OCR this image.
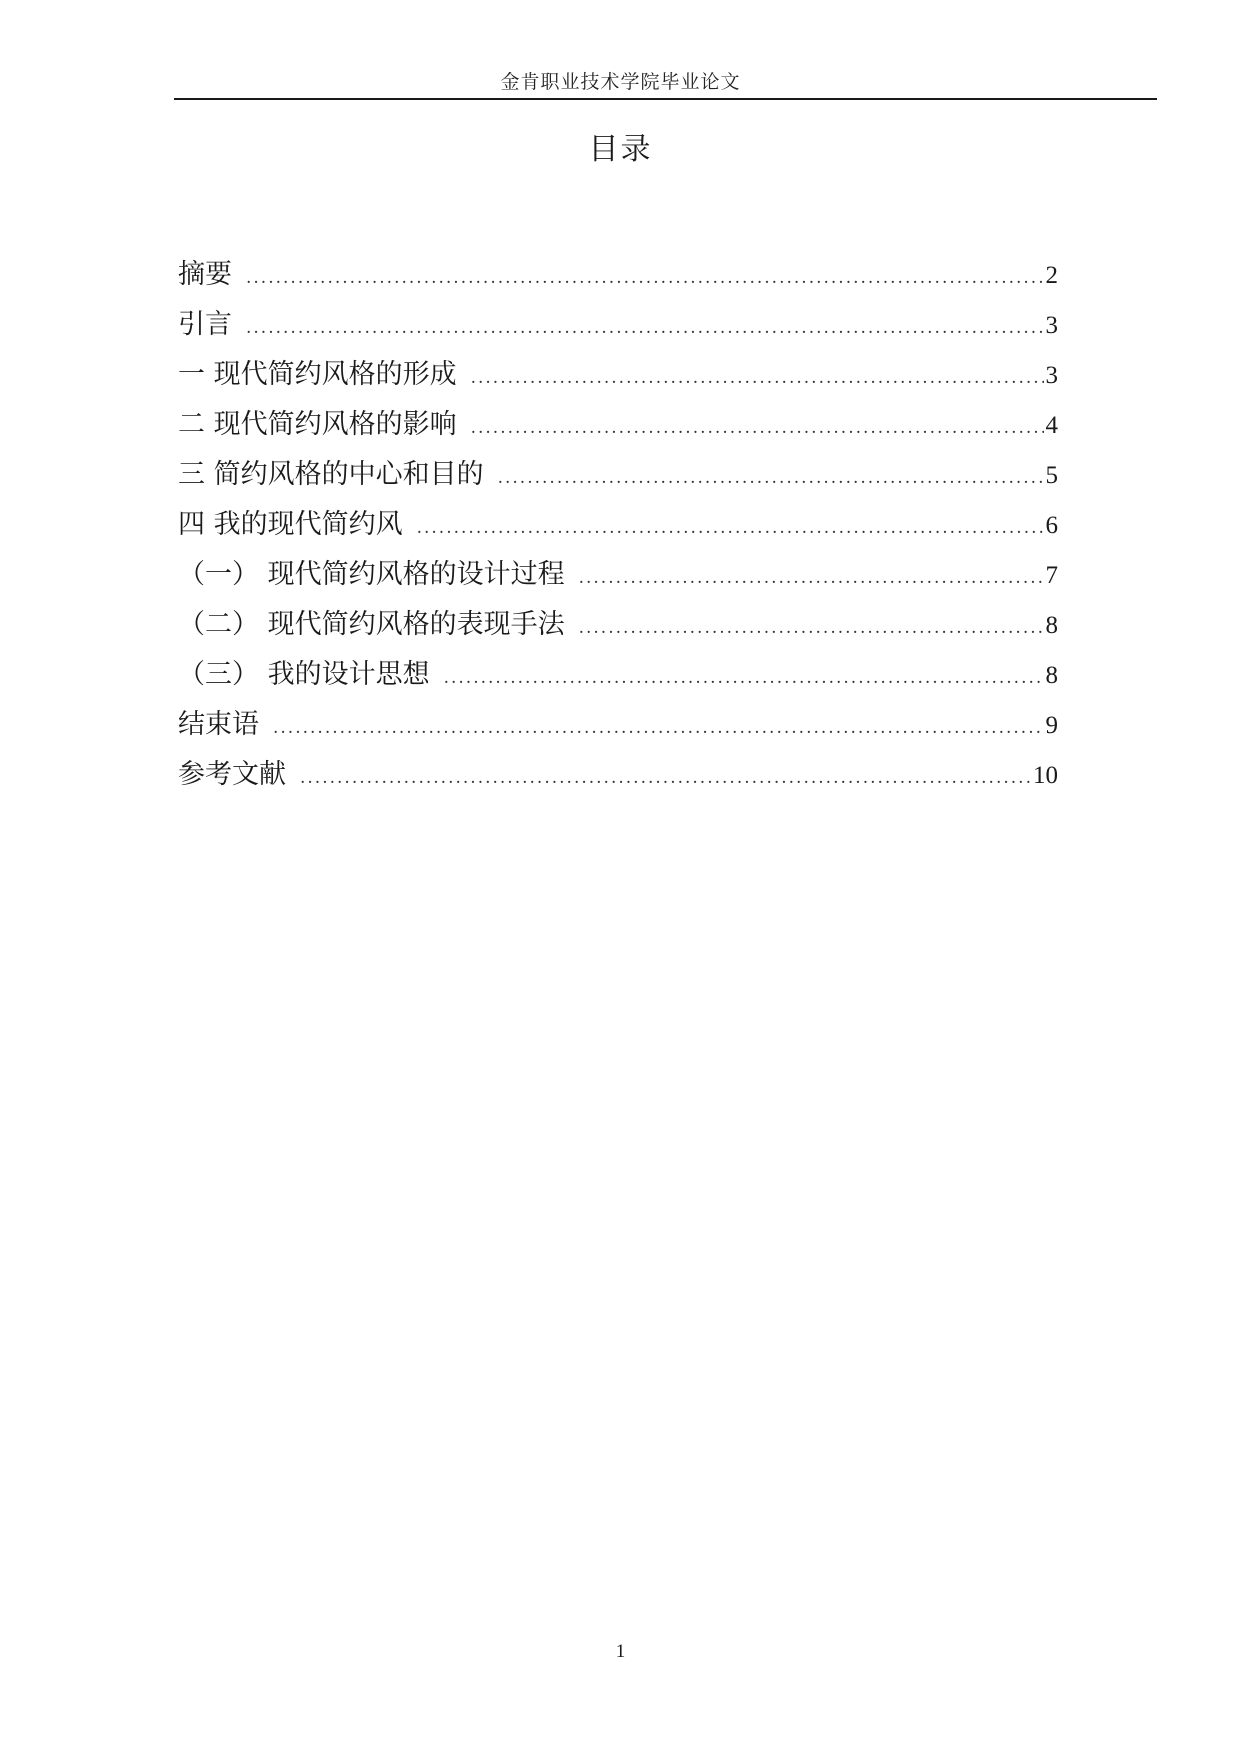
金肯职业技术学院毕业论文
目录
摘要 .....	2
引言 .....	3
一 现代简约风格的形成 .....	3
二 现代简约风格的影响 .....	4
三 简约风格的中心和目的 .....	5
四 我的现代简约风 .....	6
（一） 现代简约风格的设计过程 .....	7
（二） 现代简约风格的表现手法 .....	8
（三） 我的设计思想 .....	8
结束语 .....	9
参考文献 .....	10
1
